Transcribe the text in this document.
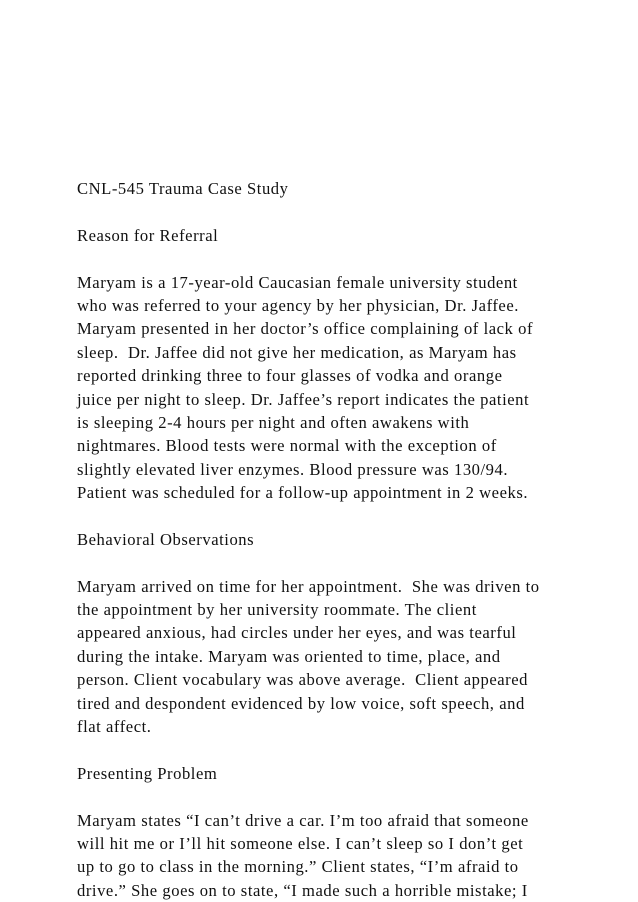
CNL-545 Trauma Case Study
Reason for Referral
Maryam is a 17-year-old Caucasian female university student
who was referred to your agency by her physician, Dr. Jaffee.
Maryam presented in her doctor’s office complaining of lack of
sleep.  Dr. Jaffee did not give her medication, as Maryam has
reported drinking three to four glasses of vodka and orange
juice per night to sleep. Dr. Jaffee’s report indicates the patient
is sleeping 2-4 hours per night and often awakens with
nightmares. Blood tests were normal with the exception of
slightly elevated liver enzymes. Blood pressure was 130/94.
Patient was scheduled for a follow-up appointment in 2 weeks.
Behavioral Observations
Maryam arrived on time for her appointment.  She was driven to
the appointment by her university roommate. The client
appeared anxious, had circles under her eyes, and was tearful
during the intake. Maryam was oriented to time, place, and
person. Client vocabulary was above average.  Client appeared
tired and despondent evidenced by low voice, soft speech, and
flat affect.
Presenting Problem
Maryam states “I can’t drive a car. I’m too afraid that someone
will hit me or I’ll hit someone else. I can’t sleep so I don’t get
up to go to class in the morning.” Client states, “I’m afraid to
drive.” She goes on to state, “I made such a horrible mistake; I
